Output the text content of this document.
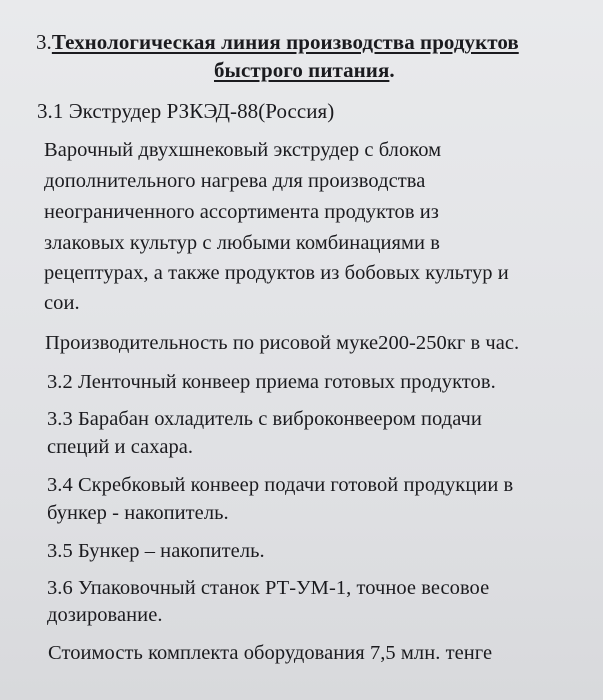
3.Технологическая линия производства продуктов
быстрого питания.
3.1 Экструдер РЗКЭД-88(Россия)
Варочный двухшнековый экструдер с блоком
дополнительного нагрева для производства
неограниченного ассортимента продуктов из
злаковых культур с любыми комбинациями в
рецептурах, а также продуктов из бобовых культур и
сои.
Производительность по рисовой муке200-250кг в час.
3.2 Ленточный конвеер приема готовых продуктов.
3.3 Барабан охладитель с виброконвеером подачи
специй и сахара.
3.4 Скребковый конвеер подачи готовой продукции в
бункер - накопитель.
3.5 Бункер – накопитель.
3.6 Упаковочный станок РТ-УМ-1, точное весовое
дозирование.
Стоимость комплекта оборудования 7,5 млн. тенге
